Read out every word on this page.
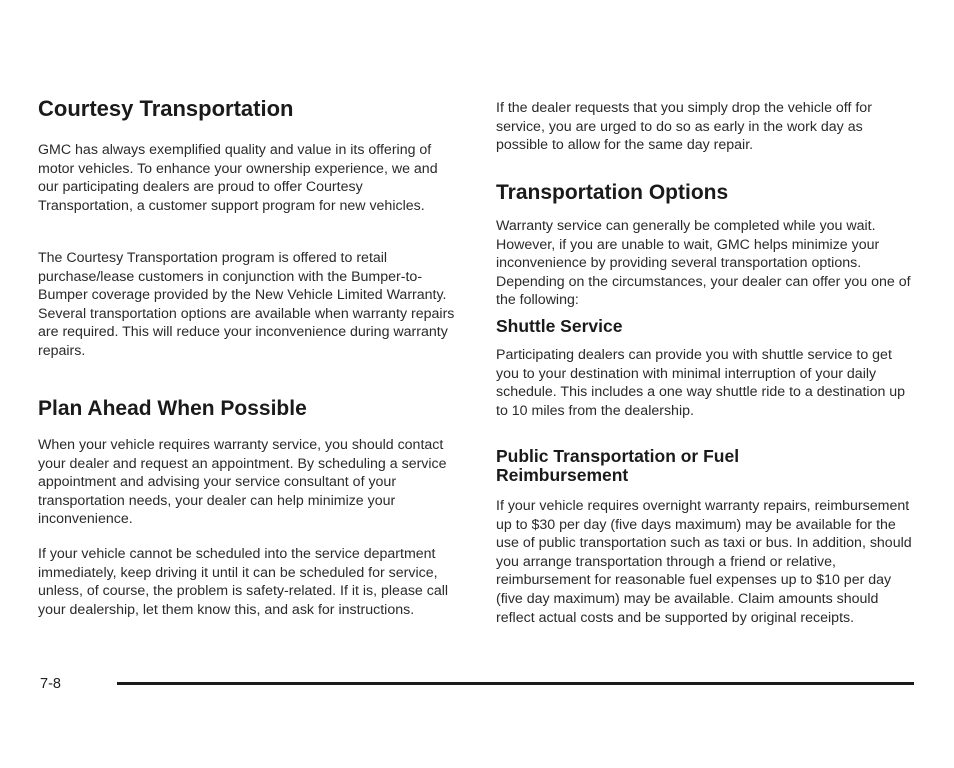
Courtesy Transportation

GMC has always exemplified quality and value in its offering of motor vehicles. To enhance your ownership experience, we and our participating dealers are proud to offer Courtesy Transportation, a customer support program for new vehicles.

The Courtesy Transportation program is offered to retail purchase/lease customers in conjunction with the Bumper-to-Bumper coverage provided by the New Vehicle Limited Warranty. Several transportation options are available when warranty repairs are required. This will reduce your inconvenience during warranty repairs.

Plan Ahead When Possible

When your vehicle requires warranty service, you should contact your dealer and request an appointment. By scheduling a service appointment and advising your service consultant of your transportation needs, your dealer can help minimize your inconvenience.

If your vehicle cannot be scheduled into the service department immediately, keep driving it until it can be scheduled for service, unless, of course, the problem is safety-related. If it is, please call your dealership, let them know this, and ask for instructions.

If the dealer requests that you simply drop the vehicle off for service, you are urged to do so as early in the work day as possible to allow for the same day repair.

Transportation Options

Warranty service can generally be completed while you wait. However, if you are unable to wait, GMC helps minimize your inconvenience by providing several transportation options. Depending on the circumstances, your dealer can offer you one of the following:

Shuttle Service

Participating dealers can provide you with shuttle service to get you to your destination with minimal interruption of your daily schedule. This includes a one way shuttle ride to a destination up to 10 miles from the dealership.

Public Transportation or Fuel Reimbursement

If your vehicle requires overnight warranty repairs, reimbursement up to $30 per day (five days maximum) may be available for the use of public transportation such as taxi or bus. In addition, should you arrange transportation through a friend or relative, reimbursement for reasonable fuel expenses up to $10 per day (five day maximum) may be available. Claim amounts should reflect actual costs and be supported by original receipts.

7-8
